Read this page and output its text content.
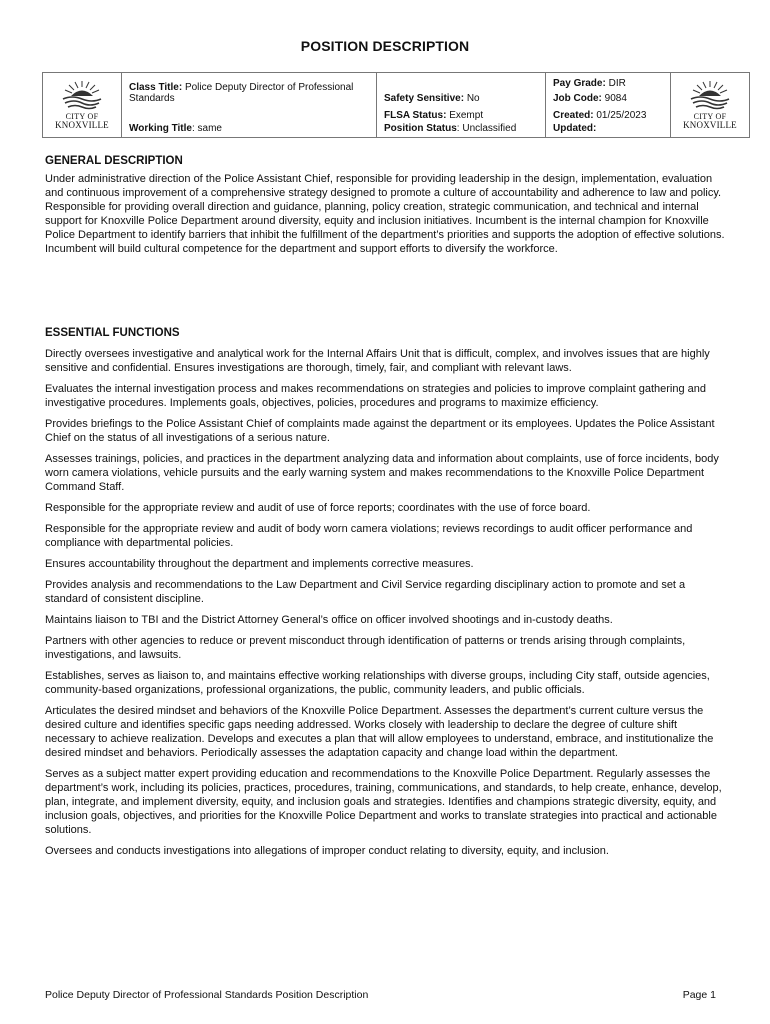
POSITION DESCRIPTION
CITY OF
KNOXVILLE

Class Title: Police Deputy Director of Professional Standards
Working Title: same

Safety Sensitive: No
FLSA Status: Exempt
Position Status: Unclassified

Pay Grade: DIR
Job Code: 9084
Created: 01/25/2023
Updated:

CITY OF
KNOXVILLE
GENERAL DESCRIPTION

Under administrative direction of the Police Assistant Chief, responsible for providing leadership in the design, implementation, evaluation and continuous improvement of a comprehensive strategy designed to promote a culture of accountability and adherence to law and policy. Responsible for providing overall direction and guidance, planning, policy creation, strategic communication, and technical and internal support for Knoxville Police Department around diversity, equity and inclusion initiatives. Incumbent is the internal champion for Knoxville Police Department to identify barriers that inhibit the fulfillment of the department’s priorities and supports the adoption of effective solutions. Incumbent will build cultural competence for the department and support efforts to diversify the workforce.

ESSENTIAL FUNCTIONS

Directly oversees investigative and analytical work for the Internal Affairs Unit that is difficult, complex, and involves issues that are highly sensitive and confidential. Ensures investigations are thorough, timely, fair, and compliant with relevant laws.

Evaluates the internal investigation process and makes recommendations on strategies and policies to improve complaint gathering and investigative procedures. Implements goals, objectives, policies, procedures and programs to maximize efficiency.

Provides briefings to the Police Assistant Chief of complaints made against the department or its employees. Updates the Police Assistant Chief on the status of all investigations of a serious nature.

Assesses trainings, policies, and practices in the department analyzing data and information about complaints, use of force incidents, body worn camera violations, vehicle pursuits and the early warning system and makes recommendations to the Knoxville Police Department Command Staff.

Responsible for the appropriate review and audit of use of force reports; coordinates with the use of force board.

Responsible for the appropriate review and audit of body worn camera violations; reviews recordings to audit officer performance and compliance with departmental policies.

Ensures accountability throughout the department and implements corrective measures.

Provides analysis and recommendations to the Law Department and Civil Service regarding disciplinary action to promote and set a standard of consistent discipline.

Maintains liaison to TBI and the District Attorney General’s office on officer involved shootings and in-custody deaths.

Partners with other agencies to reduce or prevent misconduct through identification of patterns or trends arising through complaints, investigations, and lawsuits.

Establishes, serves as liaison to, and maintains effective working relationships with diverse groups, including City staff, outside agencies, community-based organizations, professional organizations, the public, community leaders, and public officials.

Articulates the desired mindset and behaviors of the Knoxville Police Department. Assesses the department’s current culture versus the desired culture and identifies specific gaps needing addressed. Works closely with leadership to declare the degree of culture shift necessary to achieve realization. Develops and executes a plan that will allow employees to understand, embrace, and institutionalize the desired mindset and behaviors. Periodically assesses the adaptation capacity and change load within the department.

Serves as a subject matter expert providing education and recommendations to the Knoxville Police Department. Regularly assesses the department’s work, including its policies, practices, procedures, training, communications, and standards, to help create, enhance, develop, plan, integrate, and implement diversity, equity, and inclusion goals and strategies. Identifies and champions strategic diversity, equity, and inclusion goals, objectives, and priorities for the Knoxville Police Department and works to translate strategies into practical and actionable solutions.

Oversees and conducts investigations into allegations of improper conduct relating to diversity, equity, and inclusion.

Police Deputy Director of Professional Standards Position Description	Page 1
